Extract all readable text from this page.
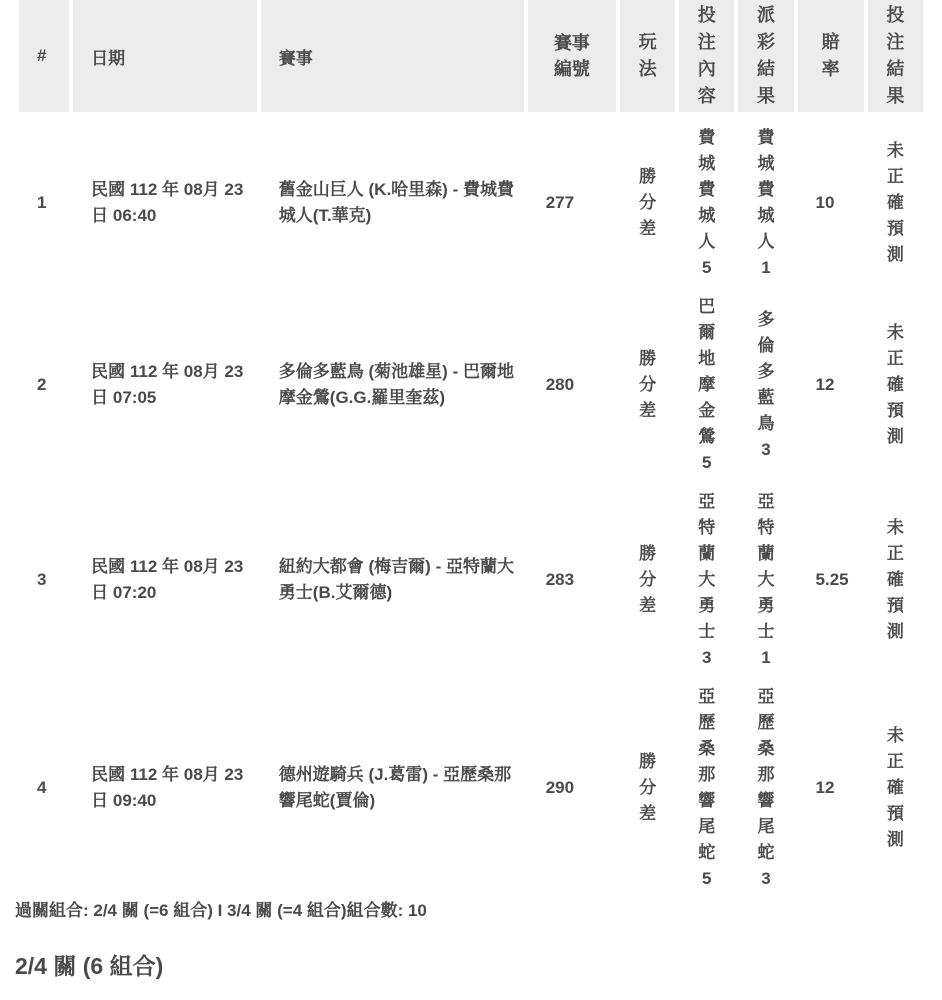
#	日期	賽事	賽事編號	玩法	投注內容	派彩結果	賠率	投注結果

1	民國 112 年 08月 23日 06:40	舊金山巨人 (K.哈里森) - 費城費城人(T.華克)	277	勝分差	費城費城人5	費城費城人1	10	未正確預測

2	民國 112 年 08月 23日 07:05	多倫多藍鳥 (菊池雄星) - 巴爾地摩金鶯(G.G.羅里奎茲)	280	勝分差	巴爾地摩金鶯5	多倫多藍鳥3	12	未正確預測

3	民國 112 年 08月 23日 07:20	紐約大都會 (梅吉爾) - 亞特蘭大勇士(B.艾爾德)	283	勝分差	亞特蘭大勇士3	亞特蘭大勇士1	5.25	未正確預測

4	民國 112 年 08月 23日 09:40	德州遊騎兵 (J.葛雷) - 亞歷桑那響尾蛇(賈倫)	290	勝分差	亞歷桑那響尾蛇5	亞歷桑那響尾蛇3	12	未正確預測
過關組合: 2/4 關 (=6 組合) I 3/4 關 (=4 組合)組合數: 10
2/4 關 (6 組合)
